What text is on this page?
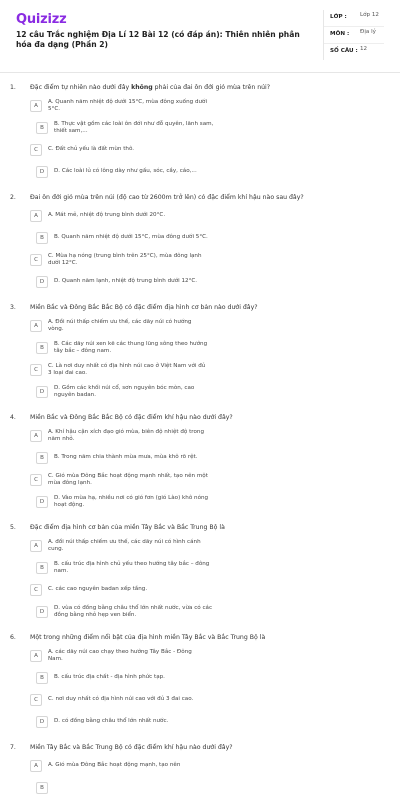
Quizizz
12 câu Trắc nghiệm Địa Lí 12 Bài 12 (có đáp án): Thiên nhiên phân hóa đa dạng (Phần 2)
LỚP : Lớp 12
MÔN : Địa lý
SỐ CÂU : 12
1.	Đặc điểm tự nhiên nào dưới đây không phải của đai ôn đới gió mùa trên núi?
A
A. Quanh năm nhiệt độ dưới 15°C, mùa đông xuống dưới 5°C.
B
B. Thực vật gồm các loài ôn đới như đỗ quyên, lãnh sam, thiết sam,...
C	C. Đất chủ yếu là đất mùn thô.
D	D. Các loài lủ có lông dày như gấu, sóc, cầy, cáo,...
2.	Đai ôn đới gió mùa trên núi (độ cao từ 2600m trở lên) có đặc điểm khí hậu nào sau đây?
A	A. Mát mẻ, nhiệt độ trung bình dưới 20°C.
B	B. Quanh năm nhiệt độ dưới 15°C, mùa đông dưới 5°C.
C
C. Mùa hạ nóng (trung bình trên 25°C), mùa đông lạnh dưới 12°C.
D	D. Quanh năm lạnh, nhiệt độ trung bình dưới 12°C.
3.	Miền Bắc và Đông Bắc Bắc Bộ có đặc điểm địa hình cơ bản nào dưới đây?
A
A. Đồi núi thấp chiếm ưu thế, các dãy núi có hướng vòng.
B
B. Các dãy núi xen kẽ các thung lũng sông theo hướng tây bắc – đông nam.
C
C. Là nơi duy nhất có địa hình núi cao ở Việt Nam với đủ 3 loại đai cao.
D
D. Gồm các khối núi cổ, sơn nguyên bóc mòn, cao nguyên badan.
4.	Miền Bắc và Đông Bắc Bắc Bộ có đặc điểm khí hậu nào dưới đây?
A
A. Khí hậu cận xích đạo gió mùa, biên độ nhiệt độ trong năm nhỏ.
B	B. Trong năm chia thành mùa mưa, mùa khô rõ rệt.
C
C. Gió mùa Đông Bắc hoạt động mạnh nhất, tạo nên một mùa đông lạnh.
D
D. Vào mùa hạ, nhiều nơi có gió fơn (gió Lào) khô nóng hoạt động.
5.	Đặc điểm địa hình cơ bản của miền Tây Bắc và Bắc Trung Bộ là
A
A. đồi núi thấp chiếm ưu thế, các dãy núi có hình cánh cung.
B
B. cấu trúc địa hình chủ yếu theo hướng tây bắc – đông nam.
C	C. các cao nguyên badan xếp tầng.
D
D. vùa có đồng bằng châu thổ lớn nhất nước, vừa có các đồng bằng nhỏ hẹp ven biển.
6.	Một trong những điểm nổi bật của địa hình miền Tây Bắc và Bắc Trung Bộ là
A
A. các dãy núi cao chạy theo hướng Tây Bắc - Đông Nam.
B	B. cấu trúc địa chất - địa hình phức tạp.
C	C. nơi duy nhất có địa hình núi cao với đủ 3 đai cao.
D	D. có đồng bằng châu thổ lớn nhất nước.
7.	Miền Tây Bắc và Bắc Trung Bộ có đặc điểm khí hậu nào dưới đây?
A	A. Gió mùa Đông Bắc hoạt động mạnh, tạo nên
B
